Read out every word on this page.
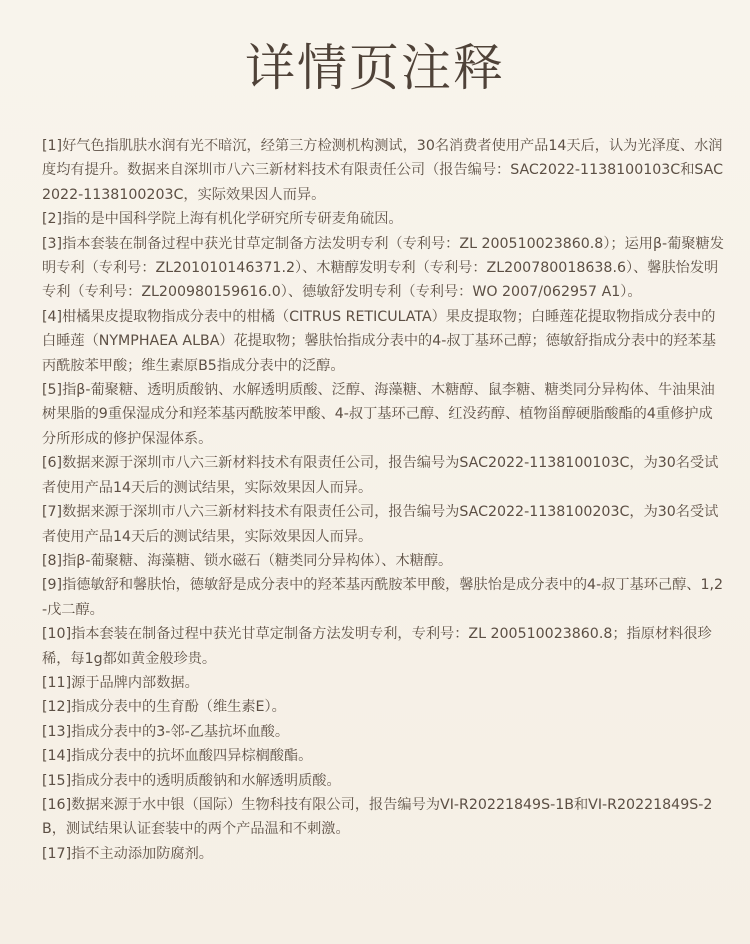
详情页注释
[1]好气色指肌肤水润有光不暗沉，经第三方检测机构测试，30名消费者使用产品14天后，认为光泽度、水润度均有提升。数据来自深圳市八六三新材料技术有限责任公司（报告编号：SAC2022-1138100103C和SAC2022-1138100203C，实际效果因人而异。
[2]指的是中国科学院上海有机化学研究所专研麦角硫因。
[3]指本套装在制备过程中获光甘草定制备方法发明专利（专利号：ZL 200510023860.8）；运用β-葡聚糖发明专利（专利号：ZL201010146371.2）、木糖醇发明专利（专利号：ZL200780018638.6）、馨肤怡发明专利（专利号：ZL200980159616.0）、德敏舒发明专利（专利号：WO 2007/062957 A1）。
[4]柑橘果皮提取物指成分表中的柑橘（CITRUS RETICULATA）果皮提取物；白睡莲花提取物指成分表中的白睡莲（NYMPHAEA ALBA）花提取物；馨肤怡指成分表中的4-叔丁基环己醇；德敏舒指成分表中的羟苯基丙酰胺苯甲酸；维生素原B5指成分表中的泛醇。
[5]指β-葡聚糖、透明质酸钠、水解透明质酸、泛醇、海藻糖、木糖醇、鼠李糖、糖类同分异构体、牛油果油树果脂的9重保湿成分和羟苯基丙酰胺苯甲酸、4-叔丁基环己醇、红没药醇、植物甾醇硬脂酸酯的4重修护成分所形成的修护保湿体系。
[6]数据来源于深圳市八六三新材料技术有限责任公司，报告编号为SAC2022-1138100103C，为30名受试者使用产品14天后的测试结果，实际效果因人而异。
[7]数据来源于深圳市八六三新材料技术有限责任公司，报告编号为SAC2022-1138100203C，为30名受试者使用产品14天后的测试结果，实际效果因人而异。
[8]指β-葡聚糖、海藻糖、锁水磁石（糖类同分异构体）、木糖醇。
[9]指德敏舒和馨肤怡，德敏舒是成分表中的羟苯基丙酰胺苯甲酸，馨肤怡是成分表中的4-叔丁基环己醇、1,2-戊二醇。
[10]指本套装在制备过程中获光甘草定制备方法发明专利，专利号：ZL 200510023860.8；指原材料很珍稀，每1g都如黄金般珍贵。
[11]源于品牌内部数据。
[12]指成分表中的生育酚（维生素E）。
[13]指成分表中的3-邻-乙基抗坏血酸。
[14]指成分表中的抗坏血酸四异棕榈酸酯。
[15]指成分表中的透明质酸钠和水解透明质酸。
[16]数据来源于水中银（国际）生物科技有限公司，报告编号为VI-R20221849S-1B和VI-R20221849S-2B，测试结果认证套装中的两个产品温和不刺激。
[17]指不主动添加防腐剂。
